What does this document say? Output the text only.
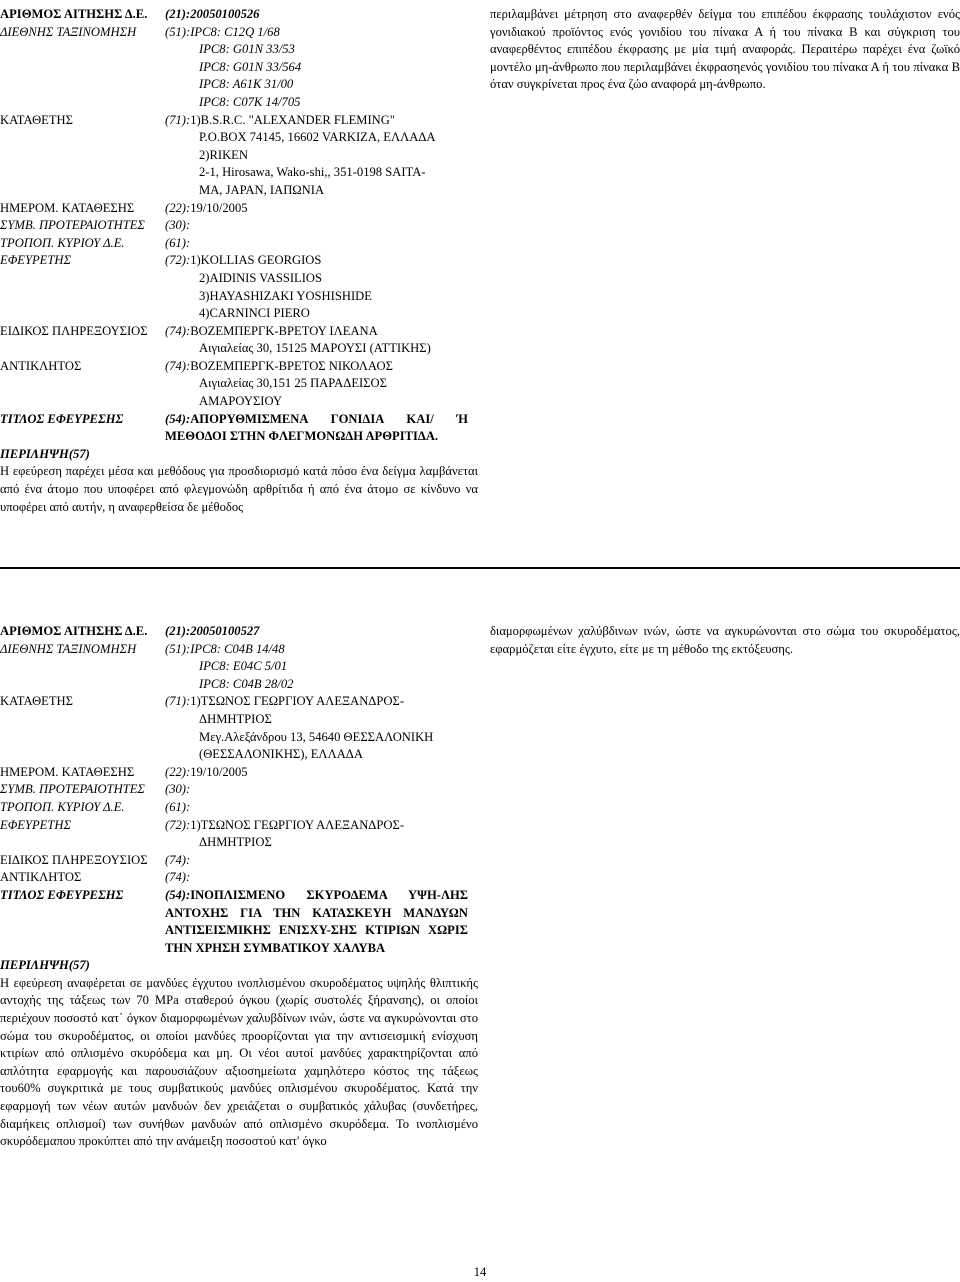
ΑΡΙΘΜΟΣ ΑΙΤΗΣΗΣ Δ.Ε. (21):20050100526
ΔΙΕΘΝΗΣ ΤΑΞΙΝΟΜΗΣΗ (51):IPC8: C12Q 1/68
IPC8: G01N 33/53
IPC8: G01N 33/564
IPC8: A61K 31/00
IPC8: C07K 14/705
ΚΑΤΑΘΕΤΗΣ	(71):1)B.S.R.C. "ALEXANDER FLEMING"
P.O.BOX 74145, 16602 VARKIZA, ΕΛΛΑΔΑ
2)RIKEN
2-1, Hirosawa, Wako-shi,, 351-0198 SAITA-
MA, JAPAN, ΙΑΠΩΝΙΑ
ΗΜΕΡΟΜ. ΚΑΤΑΘΕΣΗΣ (22):19/10/2005
ΣΥΜΒ. ΠΡΟΤΕΡΑΙΟΤΗΤΕΣ (30):
ΤΡΟΠΟΠ. ΚΥΡΙΟΥ Δ.Ε.	(61):
ΕΦΕΥΡΕΤΗΣ	(72):1)KOLLIAS GEORGIOS
2)AIDINIS VASSILIOS
3)HAYASHIZAKI YOSHISHIDE
4)CARNINCI PIERO
ΕΙΔΙΚΟΣ ΠΛΗΡΕΞΟΥΣΙΟΣ (74):ΒΟΖΕΜΠΕΡΓΚ-ΒΡΕΤΟΥ ΙΛΕΑΝΑ
Αιγιαλείας 30, 15125 ΜΑΡΟΥΣΙ (ΑΤΤΙΚΗΣ)
ΑΝΤΙΚΛΗΤΟΣ	(74):ΒΟΖΕΜΠΕΡΓΚ-ΒΡΕΤΟΣ ΝΙΚΟΛΑΟΣ
Αιγιαλείας 30,151 25 ΠΑΡΑΔΕΙΣΟΣ
ΑΜΑΡΟΥΣΙΟΥ
ΤΙΤΛΟΣ ΕΦΕΥΡΕΣΗΣ	(54):ΑΠΟΡΥΘΜΙΣΜΕΝΑ ΓΟΝΙΔΙΑ ΚΑΙ/ Ή ΜΕΘΟΔΟΙ ΣΤΗΝ ΦΛΕΓΜΟΝΩΔΗ ΑΡΘΡΙΤΙΔΑ.
ΠΕΡΙΛΗΨΗ(57)
Η εφεύρεση παρέχει μέσα και μεθόδους για προσδιορισμό κατά πόσο ένα δείγμα λαμβάνεται από ένα άτομο που υποφέρει από φλεγμονώδη αρθρίτιδα ή από ένα άτομο σε κίνδυνο να υποφέρει από αυτήν, η αναφερθείσα δε μέθοδος
περιλαμβάνει μέτρηση στο αναφερθέν δείγμα του επιπέδου έκφρασης τουλάχιστον ενός γονιδιακού προϊόντος ενός γονιδίου του πίνακα Α ή του πίνακα Β και σύγκριση του αναφερθέντος επιπέδου έκφρασης με μία τιμή αναφοράς. Περαιτέρω παρέχει ένα ζωϊκό μοντέλο μη-άνθρωπο που περιλαμβάνει έκφρασηενός γονιδίου του πίνακα Α ή του πίνακα Β όταν συγκρίνεται προς ένα ζώο αναφορά μη-άνθρωπο.
ΑΡΙΘΜΟΣ ΑΙΤΗΣΗΣ Δ.Ε. (21):20050100527
ΔΙΕΘΝΗΣ ΤΑΞΙΝΟΜΗΣΗ (51):IPC8: C04B 14/48
IPC8: E04C 5/01
IPC8: C04B 28/02
ΚΑΤΑΘΕΤΗΣ	(71):1)ΤΣΩΝΟΣ ΓΕΩΡΓΙΟΥ ΑΛΕΞΑΝΔΡΟΣ-
ΔΗΜΗΤΡΙΟΣ
Μεγ.Αλεξάνδρου 13, 54640 ΘΕΣΣΑΛΟΝΙΚΗ
(ΘΕΣΣΑΛΟΝΙΚΗΣ), ΕΛΛΑΔΑ
ΗΜΕΡΟΜ. ΚΑΤΑΘΕΣΗΣ (22):19/10/2005
ΣΥΜΒ. ΠΡΟΤΕΡΑΙΟΤΗΤΕΣ (30):
ΤΡΟΠΟΠ. ΚΥΡΙΟΥ Δ.Ε.	(61):
ΕΦΕΥΡΕΤΗΣ	(72):1)ΤΣΩΝΟΣ ΓΕΩΡΓΙΟΥ ΑΛΕΞΑΝΔΡΟΣ-
ΔΗΜΗΤΡΙΟΣ
ΕΙΔΙΚΟΣ ΠΛΗΡΕΞΟΥΣΙΟΣ (74):
ΑΝΤΙΚΛΗΤΟΣ	(74):
ΤΙΤΛΟΣ ΕΦΕΥΡΕΣΗΣ	(54):ΙΝΟΠΛΙΣΜΕΝΟ ΣΚΥΡΟΔΕΜΑ ΥΨΗ-ΛΗΣ ΑΝΤΟΧΗΣ ΓΙΑ ΤΗΝ ΚΑΤΑΣΚΕΥΗ ΜΑΝΔΥΩΝ ΑΝΤΙΣΕΙΣΜΙΚΗΣ ΕΝΙΣΧΥ-ΣΗΣ ΚΤΙΡΙΩΝ ΧΩΡΙΣ ΤΗΝ ΧΡΗΣΗ ΣΥΜΒΑΤΙΚΟΥ ΧΑΛΥΒΑ
ΠΕΡΙΛΗΨΗ(57)
Η εφεύρεση αναφέρεται σε μανδύες έγχυτου ινοπλισμένου σκυροδέματος υψηλής θλιπτικής αντοχής της τάξεως των 70 MPa σταθερού όγκου (χωρίς συστολές ξήρανσης), οι οποίοι περιέχουν ποσοστό κατ΄ όγκον διαμορφωμένων χαλυβδίνων ινών, ώστε να αγκυρώνονται στο σώμα του σκυροδέματος, οι οποίοι μανδύες προορίζονται για την αντισεισμική ενίσχυση κτιρίων από οπλισμένο σκυρόδεμα και μη. Οι νέοι αυτοί μανδύες χαρακτηρίζονται από απλότητα εφαρμογής και παρουσιάζουν αξιοσημείωτα χαμηλότερο κόστος της τάξεως του60% συγκριτικά με τους συμβατικούς μανδύες οπλισμένου σκυροδέματος. Κατά την εφαρμογή των νέων αυτών μανδυών δεν χρειάζεται ο συμβατικός χάλυβας (συνδετήρες, διαμήκεις οπλισμοί) των συνήθων μανδυών από οπλισμένο σκυρόδεμα. Το ινοπλισμένο σκυρόδεμαπου προκύπτει από την ανάμειξη ποσοστού κατ' όγκο
διαμορφωμένων χαλύβδινων ινών, ώστε να αγκυρώνονται στο σώμα του σκυροδέματος, εφαρμόζεται είτε έγχυτο, είτε με τη μέθοδο της εκτόξευσης.
14
